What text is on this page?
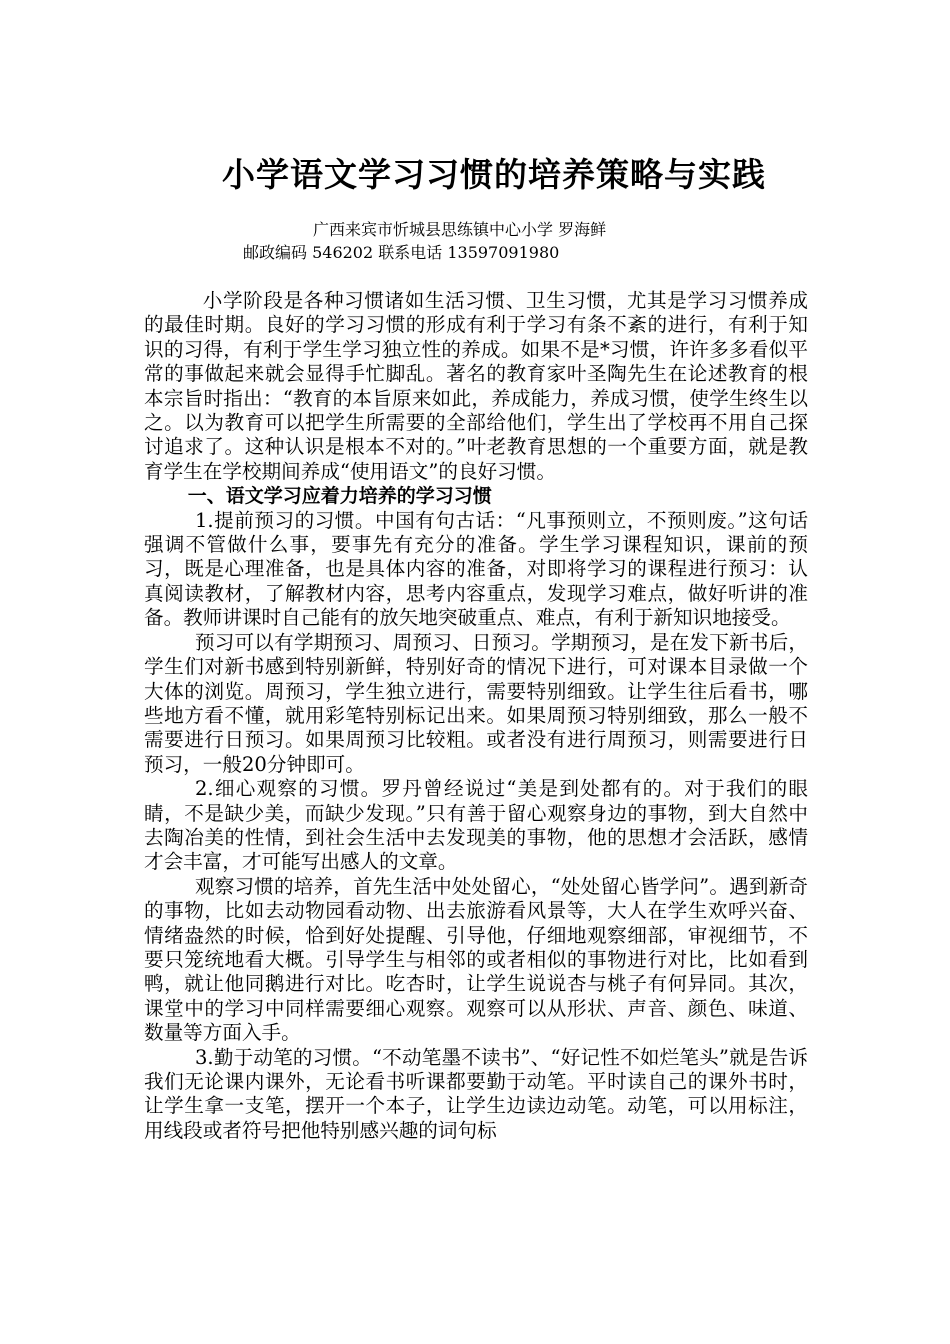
小学语文学习习惯的培养策略与实践
广西来宾市忻城县思练镇中心小学 罗海鲜
邮政编码 546202 联系电话 13597091980

小学阶段是各种习惯诸如生活习惯、卫生习惯，尤其是学习习惯养成的最佳时期。良好的学习习惯的形成有利于学习有条不紊的进行，有利于知识的习得，有利于学生学习独立性的养成。如果不是*习惯，许许多多看似平常的事做起来就会显得手忙脚乱。著名的教育家叶圣陶先生在论述教育的根本宗旨时指出：“教育的本旨原来如此，养成能力，养成习惯，使学生终生以之。以为教育可以把学生所需要的全部给他们，学生出了学校再不用自己探讨追求了。这种认识是根本不对的。”叶老教育思想的一个重要方面，就是教育学生在学校期间养成“使用语文”的良好习惯。

一、语文学习应着力培养的学习习惯

1.提前预习的习惯。中国有句古话：“凡事预则立，不预则废。”这句话强调不管做什么事，要事先有充分的准备。学生学习课程知识，课前的预习，既是心理准备，也是具体内容的准备，对即将学习的课程进行预习：认真阅读教材，了解教材内容，思考内容重点，发现学习难点，做好听讲的准备。教师讲课时自己能有的放矢地突破重点、难点，有利于新知识地接受。

预习可以有学期预习、周预习、日预习。学期预习，是在发下新书后，学生们对新书感到特别新鲜，特别好奇的情况下进行，可对课本目录做一个大体的浏览。周预习，学生独立进行，需要特别细致。让学生往后看书，哪些地方看不懂，就用彩笔特别标记出来。如果周预习特别细致，那么一般不需要进行日预习。如果周预习比较粗。或者没有进行周预习，则需要进行日预习，一般20分钟即可。

2.细心观察的习惯。罗丹曾经说过“美是到处都有的。对于我们的眼睛，不是缺少美，而缺少发现。”只有善于留心观察身边的事物，到大自然中去陶冶美的性情，到社会生活中去发现美的事物，他的思想才会活跃，感情才会丰富，才可能写出感人的文章。

观察习惯的培养，首先生活中处处留心，“处处留心皆学问”。遇到新奇的事物，比如去动物园看动物、出去旅游看风景等，大人在学生欢呼兴奋、情绪盎然的时候，恰到好处提醒、引导他，仔细地观察细部，审视细节，不要只笼统地看大概。引导学生与相邻的或者相似的事物进行对比，比如看到鸭，就让他同鹅进行对比。吃杏时，让学生说说杏与桃子有何异同。其次，课堂中的学习中同样需要细心观察。观察可以从形状、声音、颜色、味道、数量等方面入手。

3.勤于动笔的习惯。“不动笔墨不读书”、“好记性不如烂笔头”就是告诉我们无论课内课外，无论看书听课都要勤于动笔。平时读自己的课外书时，让学生拿一支笔，摆开一个本子，让学生边读边动笔。动笔，可以用标注，用线段或者符号把他特别感兴趣的词句标
